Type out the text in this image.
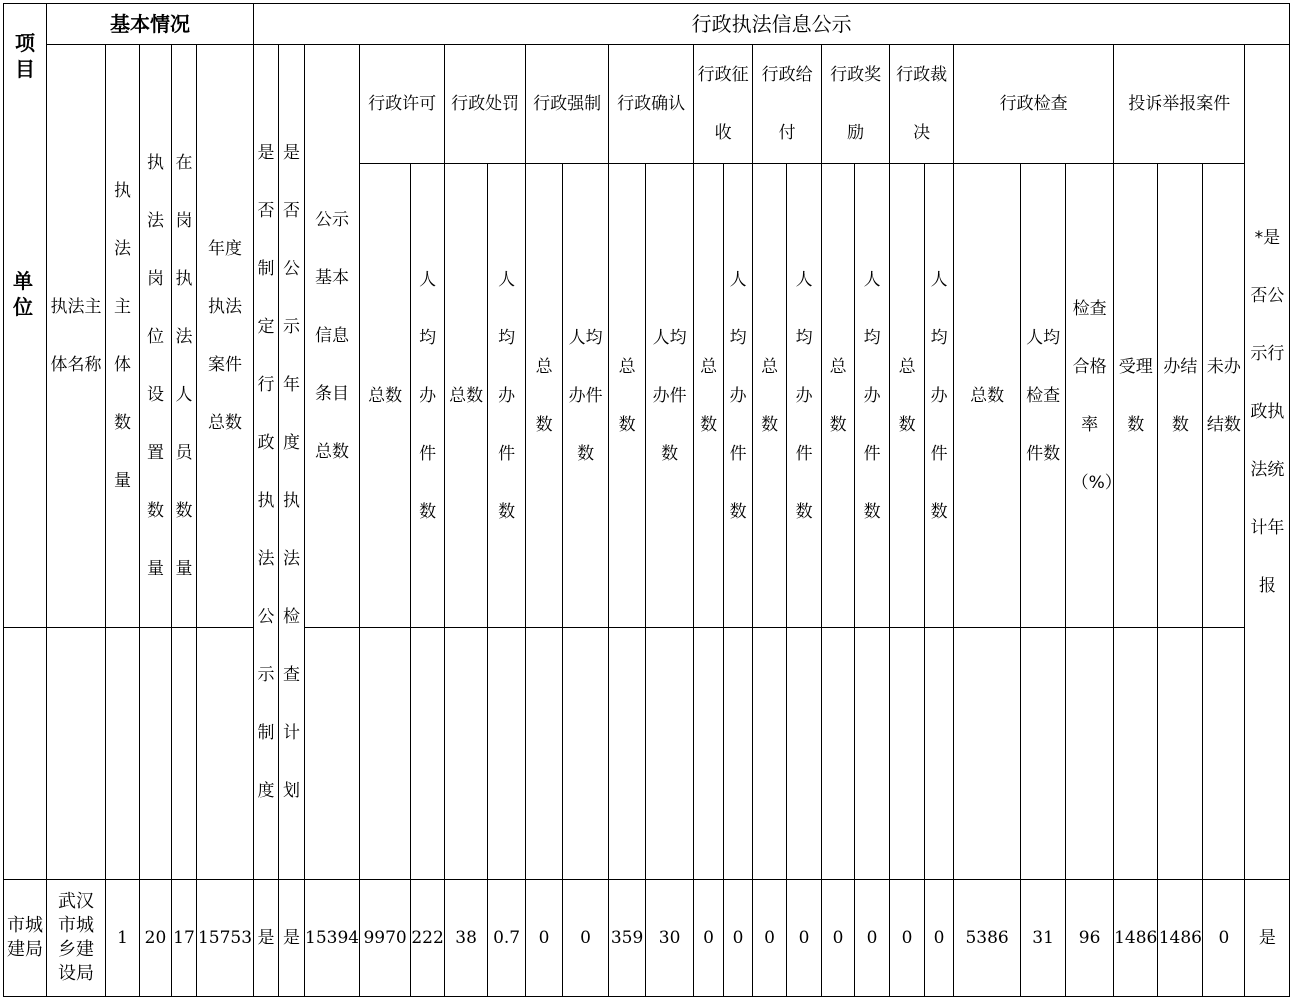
项目	基本情况					行政执法信息公示																									

	执法主体名称	执法主体数量	执法岗位设置数量	在岗执法人员数量	年度执法案件总数	是否制定行政执法公示制度	是否公示年度执法检查计划	公示基本信息条目总数	行政许可		行政处罚		行政强制		行政确认		行政征收		行政给付		行政奖励		行政裁决		行政检查			投诉举报案件			*是否公示行政执法统计年报

									总数	人均办件数	总数	人均办件数	总数	人均办件数	总数	人均办件数	总数	人均办件数	总数	人均办件数	总数	人均办件数	总数	人均办件数	总数	人均检查件数	检查合格率（%）	受理数	办结数	未办结数	

市城建局	武汉市城乡建设局	1	20	17	15753	是	是	15394	9970	222	38	0.7	0	0	359	30	0	0	0	0	0	0	0	0	5386	31	96	1486	1486	0	是
单位
